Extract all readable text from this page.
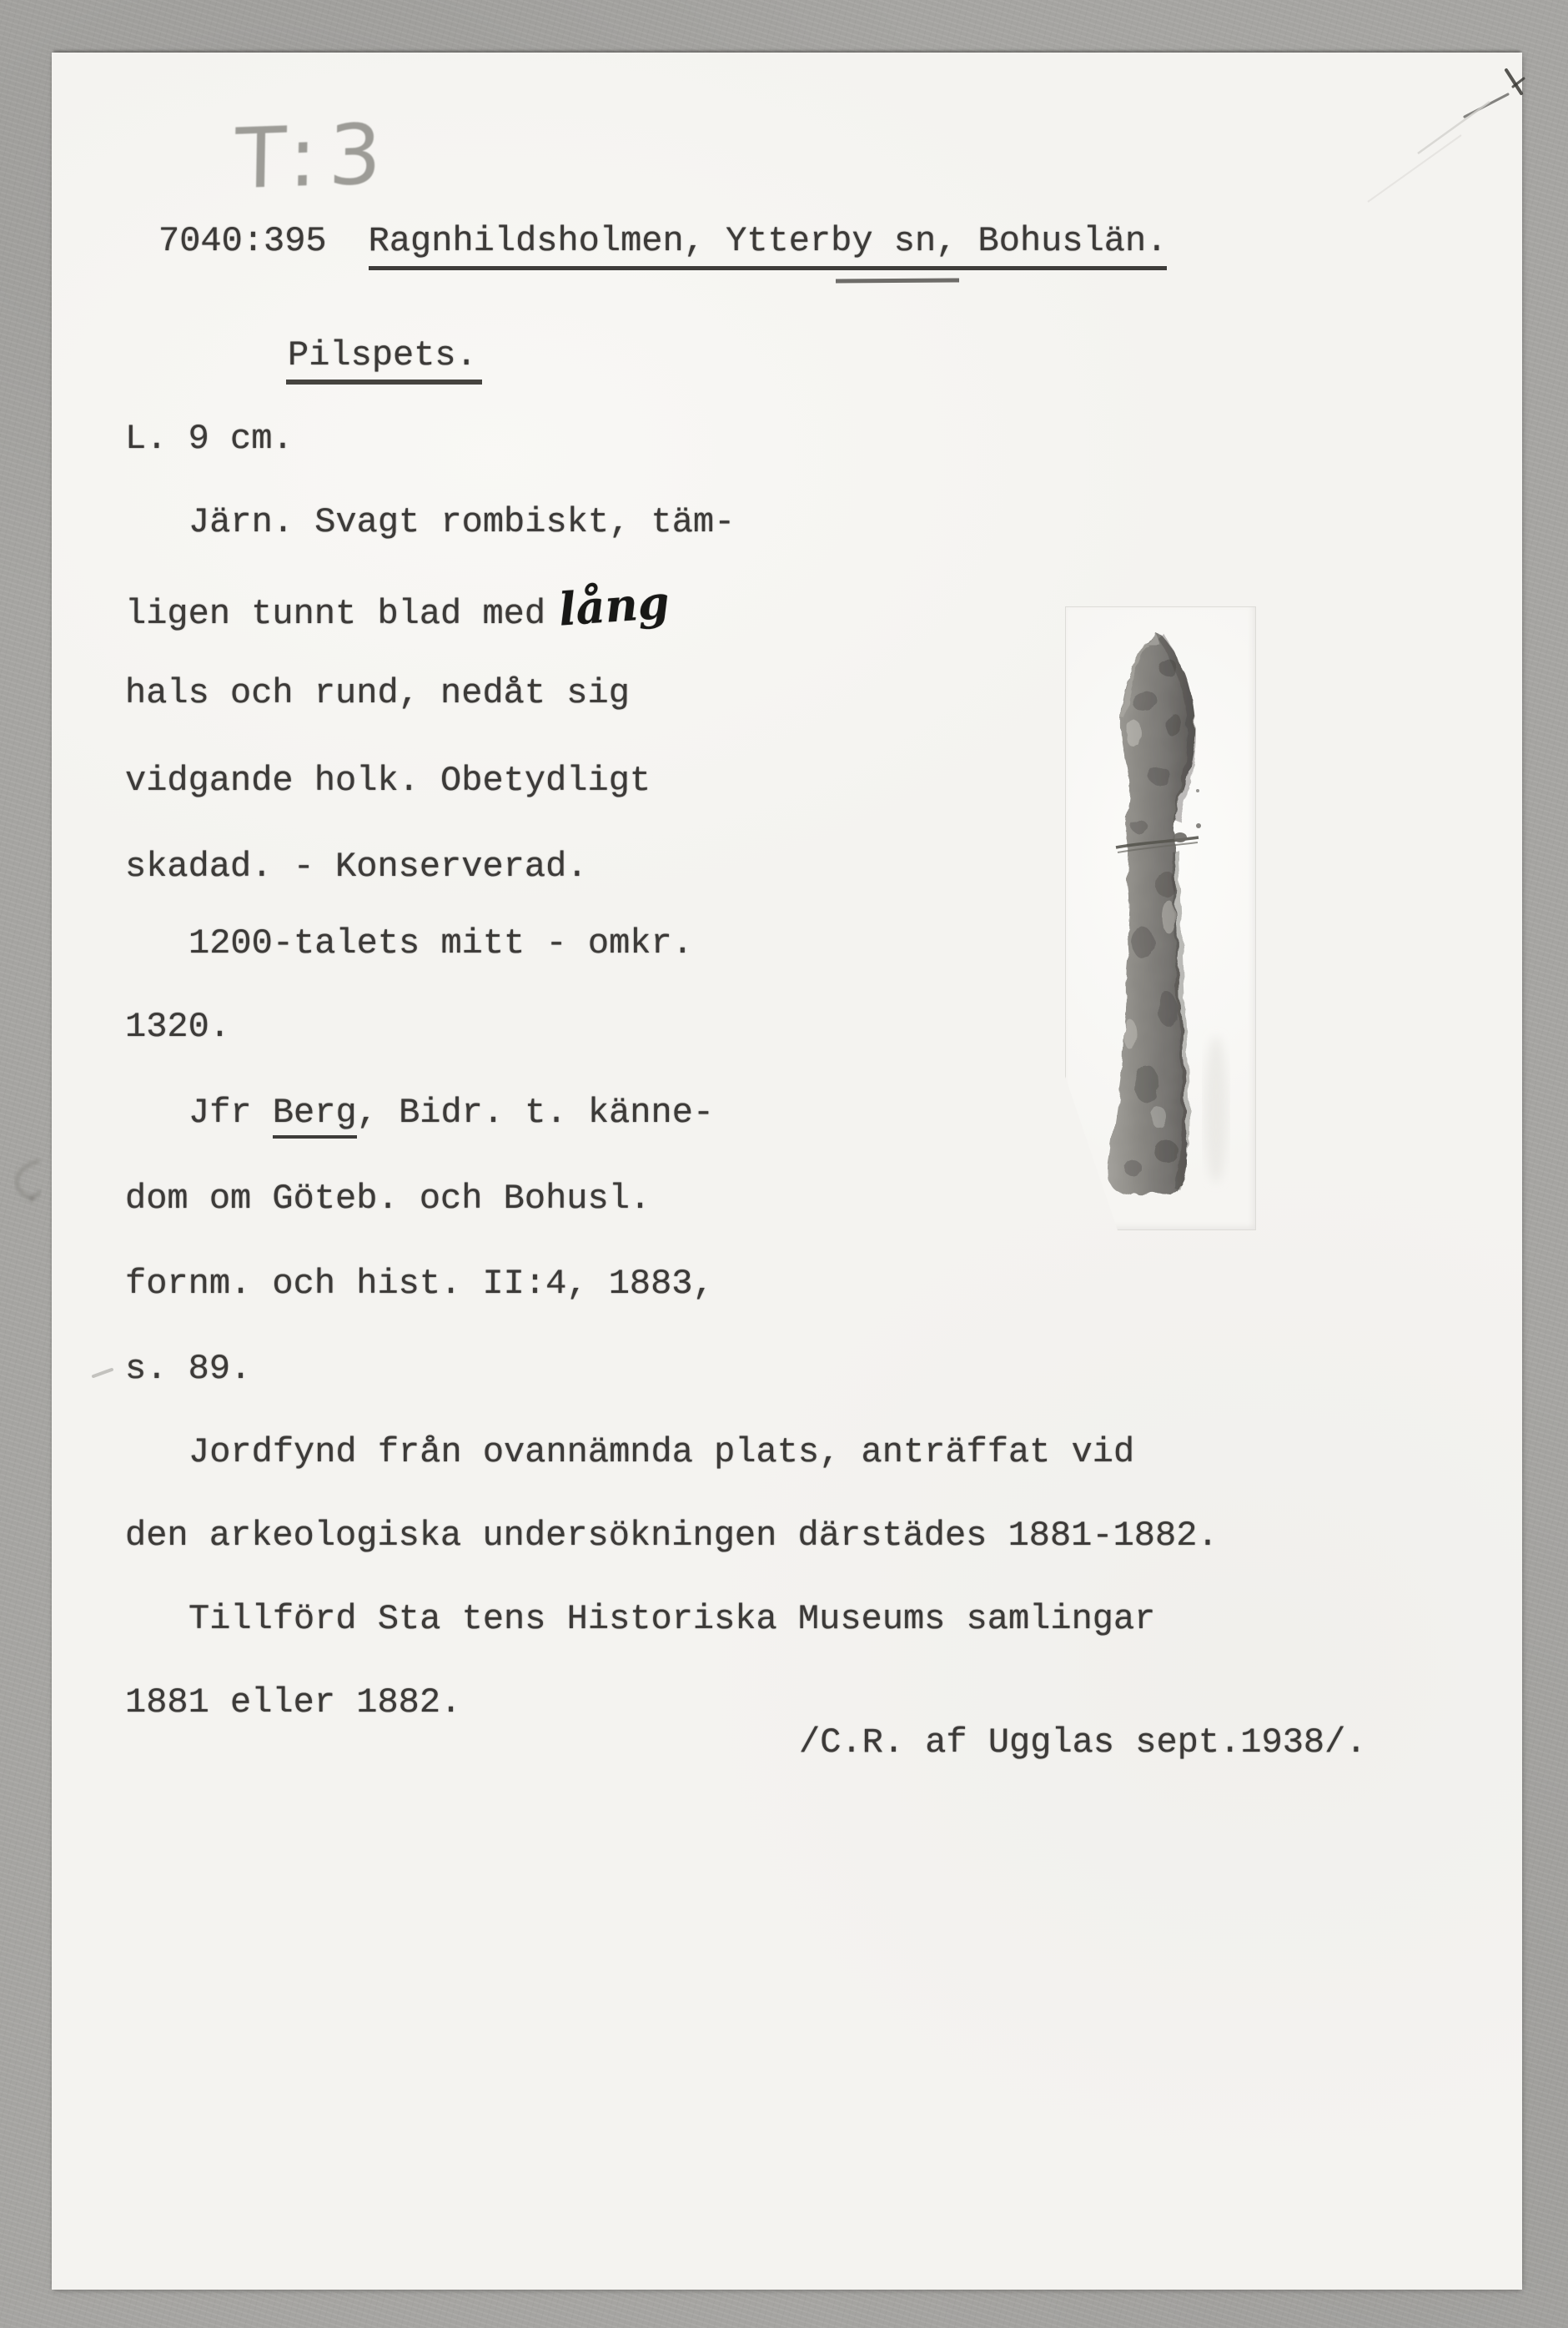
T:3
7040:395 Ragnhildsholmen, Ytterby sn, Bohuslän.
Pilspets.
L. 9 cm.
Järn. Svagt rombiskt, täm-
ligen tunnt blad med lång
hals och rund, nedåt sig
vidgande holk. Obetydligt
skadad. - Konserverad.
1200-talets mitt - omkr.
1320.
Jfr Berg, Bidr. t. känne-
dom om Göteb. och Bohusl.
fornm. och hist. II:4, 1883,
s. 89.
Jordfynd från ovannämnda plats, anträffat vid
den arkeologiska undersökningen därstädes 1881-1882.
Tillförd Sta tens Historiska Museums samlingar
1881 eller 1882.
/C.R. af Ugglas sept.1938/.
